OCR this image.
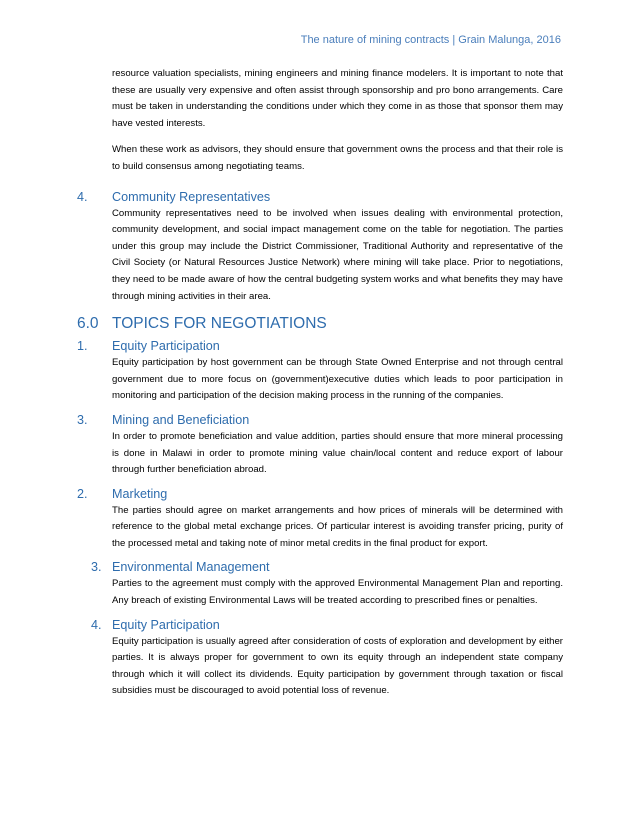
The nature of mining contracts | Grain Malunga, 2016

resource valuation specialists, mining engineers and mining finance modelers. It is important to note that these are usually very expensive and often assist through sponsorship and pro bono arrangements. Care must be taken in understanding the conditions under which they come in as those that sponsor them may have vested interests.

When these work as advisors, they should ensure that government owns the process and that their role is to build consensus among negotiating teams.

4.	Community Representatives

Community representatives need to be involved when issues dealing with environmental protection, community development, and social impact management come on the table for negotiation. The parties under this group may include the District Commissioner, Traditional Authority and representative of the Civil Society (or Natural Resources Justice Network) where mining will take place. Prior to negotiations, they need to be made aware of how the central budgeting system works and what benefits they may have through mining activities in their area.

6.0 TOPICS FOR NEGOTIATIONS
1.	Equity Participation

Equity participation by host government can be through State Owned Enterprise and not through central government due to more focus on (government)executive duties which leads to poor participation in monitoring and participation of the decision making process in the running of the companies.

3.	Mining and Beneficiation

In order to promote beneficiation and value addition, parties should ensure that more mineral processing is done in Malawi in order to promote mining value chain/local content and reduce export of labour through further beneficiation abroad.

2.	Marketing

The parties should agree on market arrangements and how prices of minerals will be determined with reference to the global metal exchange prices. Of particular interest is avoiding transfer pricing, purity of the processed metal and taking note of minor metal credits in the final product for export.

3. Environmental Management

Parties to the agreement must comply with the approved Environmental Management Plan and reporting. Any breach of existing Environmental Laws will be treated according to prescribed fines or penalties.

4. Equity Participation

Equity participation is usually agreed after consideration of costs of exploration and development by either parties. It is always proper for government to own its equity through an independent state company through which it will collect its dividends. Equity participation by government through taxation or fiscal subsidies must be discouraged to avoid potential loss of revenue.
